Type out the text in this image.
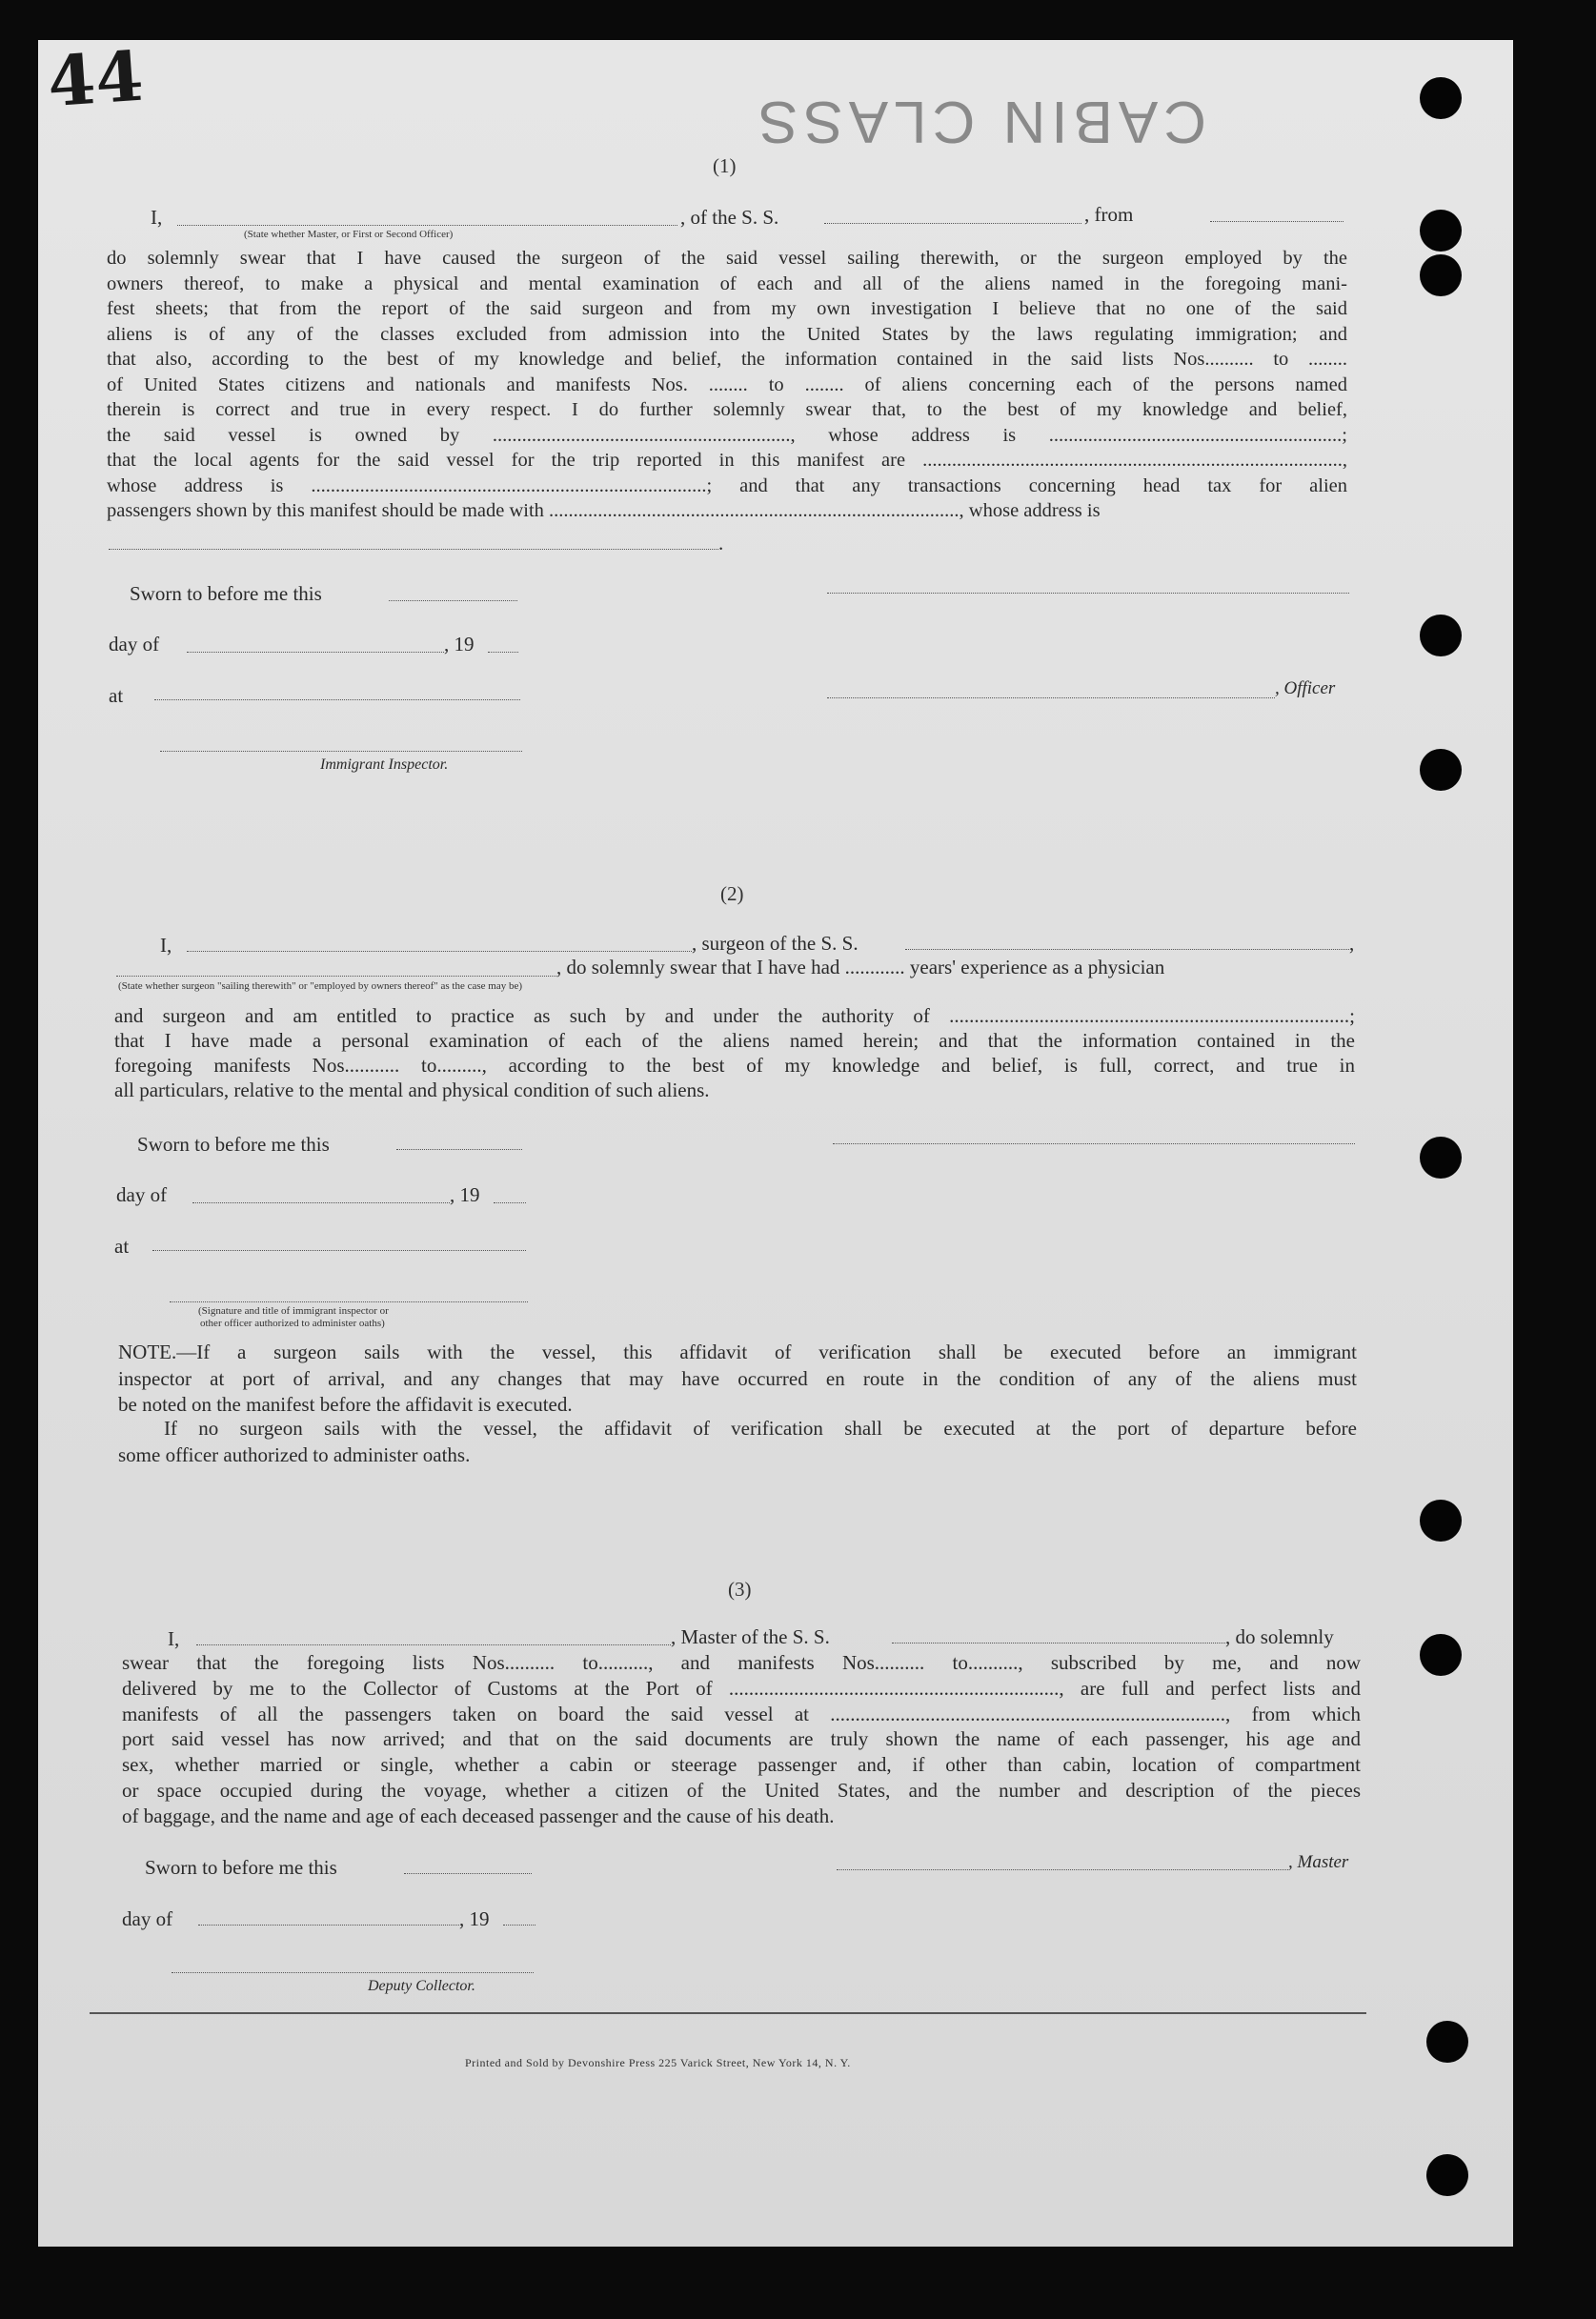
44	CABIN CLASS
(1)
I,	, of the S. S.	, from
(State whether Master, or First or Second Officer)

do solemnly swear that I have caused the surgeon of the said vessel sailing therewith, or the surgeon employed by the

owners thereof, to make a physical and mental examination of each and all of the aliens named in the foregoing mani-

fest sheets; that from the report of the said surgeon and from my own investigation I believe that no one of the said

aliens is of any of the classes excluded from admission into the United States by the laws regulating immigration; and

that also, according to the best of my knowledge and belief, the information contained in the said lists Nos.......... to ........

of United States citizens and nationals and manifests Nos. ........ to ........ of aliens concerning each of the persons named

therein is correct and true in every respect. I do further solemnly swear that, to the best of my knowledge and belief,

the said vessel is owned by ............................................................., whose address is ............................................................;

that the local agents for the said vessel for the trip reported in this manifest are ......................................................................................,

whose address is .................................................................................; and that any transactions concerning head tax for alien

passengers shown by this manifest should be made with ...................................................................................., whose address is

.
Sworn to before me this
day of	, 19
at	, Officer
Immigrant Inspector.
(2)
I,	, surgeon of the S. S.	,
, do solemnly swear that I have had ............ years' experience as a physician
(State whether surgeon "sailing therewith" or "employed by owners thereof" as the case may be)

and surgeon and am entitled to practice as such by and under the authority of ................................................................................;

that I have made a personal examination of each of the aliens named herein; and that the information contained in the

foregoing manifests Nos........... to........., according to the best of my knowledge and belief, is full, correct, and true in

all particulars, relative to the mental and physical condition of such aliens.

Sworn to before me this
day of	, 19
at
(Signature and title of immigrant inspector or
other officer authorized to administer oaths)

NOTE.—If a surgeon sails with the vessel, this affidavit of verification shall be executed before an immigrant

inspector at port of arrival, and any changes that may have occurred en route in the condition of any of the aliens must

be noted on the manifest before the affidavit is executed.

If no surgeon sails with the vessel, the affidavit of verification shall be executed at the port of departure before

some officer authorized to administer oaths.

(3)
I,	, Master of the S. S.	, do solemnly

swear that the foregoing lists Nos.......... to.........., and manifests Nos.......... to.........., subscribed by me, and now

delivered by me to the Collector of Customs at the Port of .................................................................., are full and perfect lists and

manifests of all the passengers taken on board the said vessel at ..............................................................................., from which

port said vessel has now arrived; and that on the said documents are truly shown the name of each passenger, his age and

sex, whether married or single, whether a cabin or steerage passenger and, if other than cabin, location of compartment

or space occupied during the voyage, whether a citizen of the United States, and the number and description of the pieces

of baggage, and the name and age of each deceased passenger and the cause of his death.

Sworn to before me this	, Master
day of	, 19
Deputy Collector.
Printed and Sold by Devonshire Press 225 Varick Street, New York 14, N. Y.
